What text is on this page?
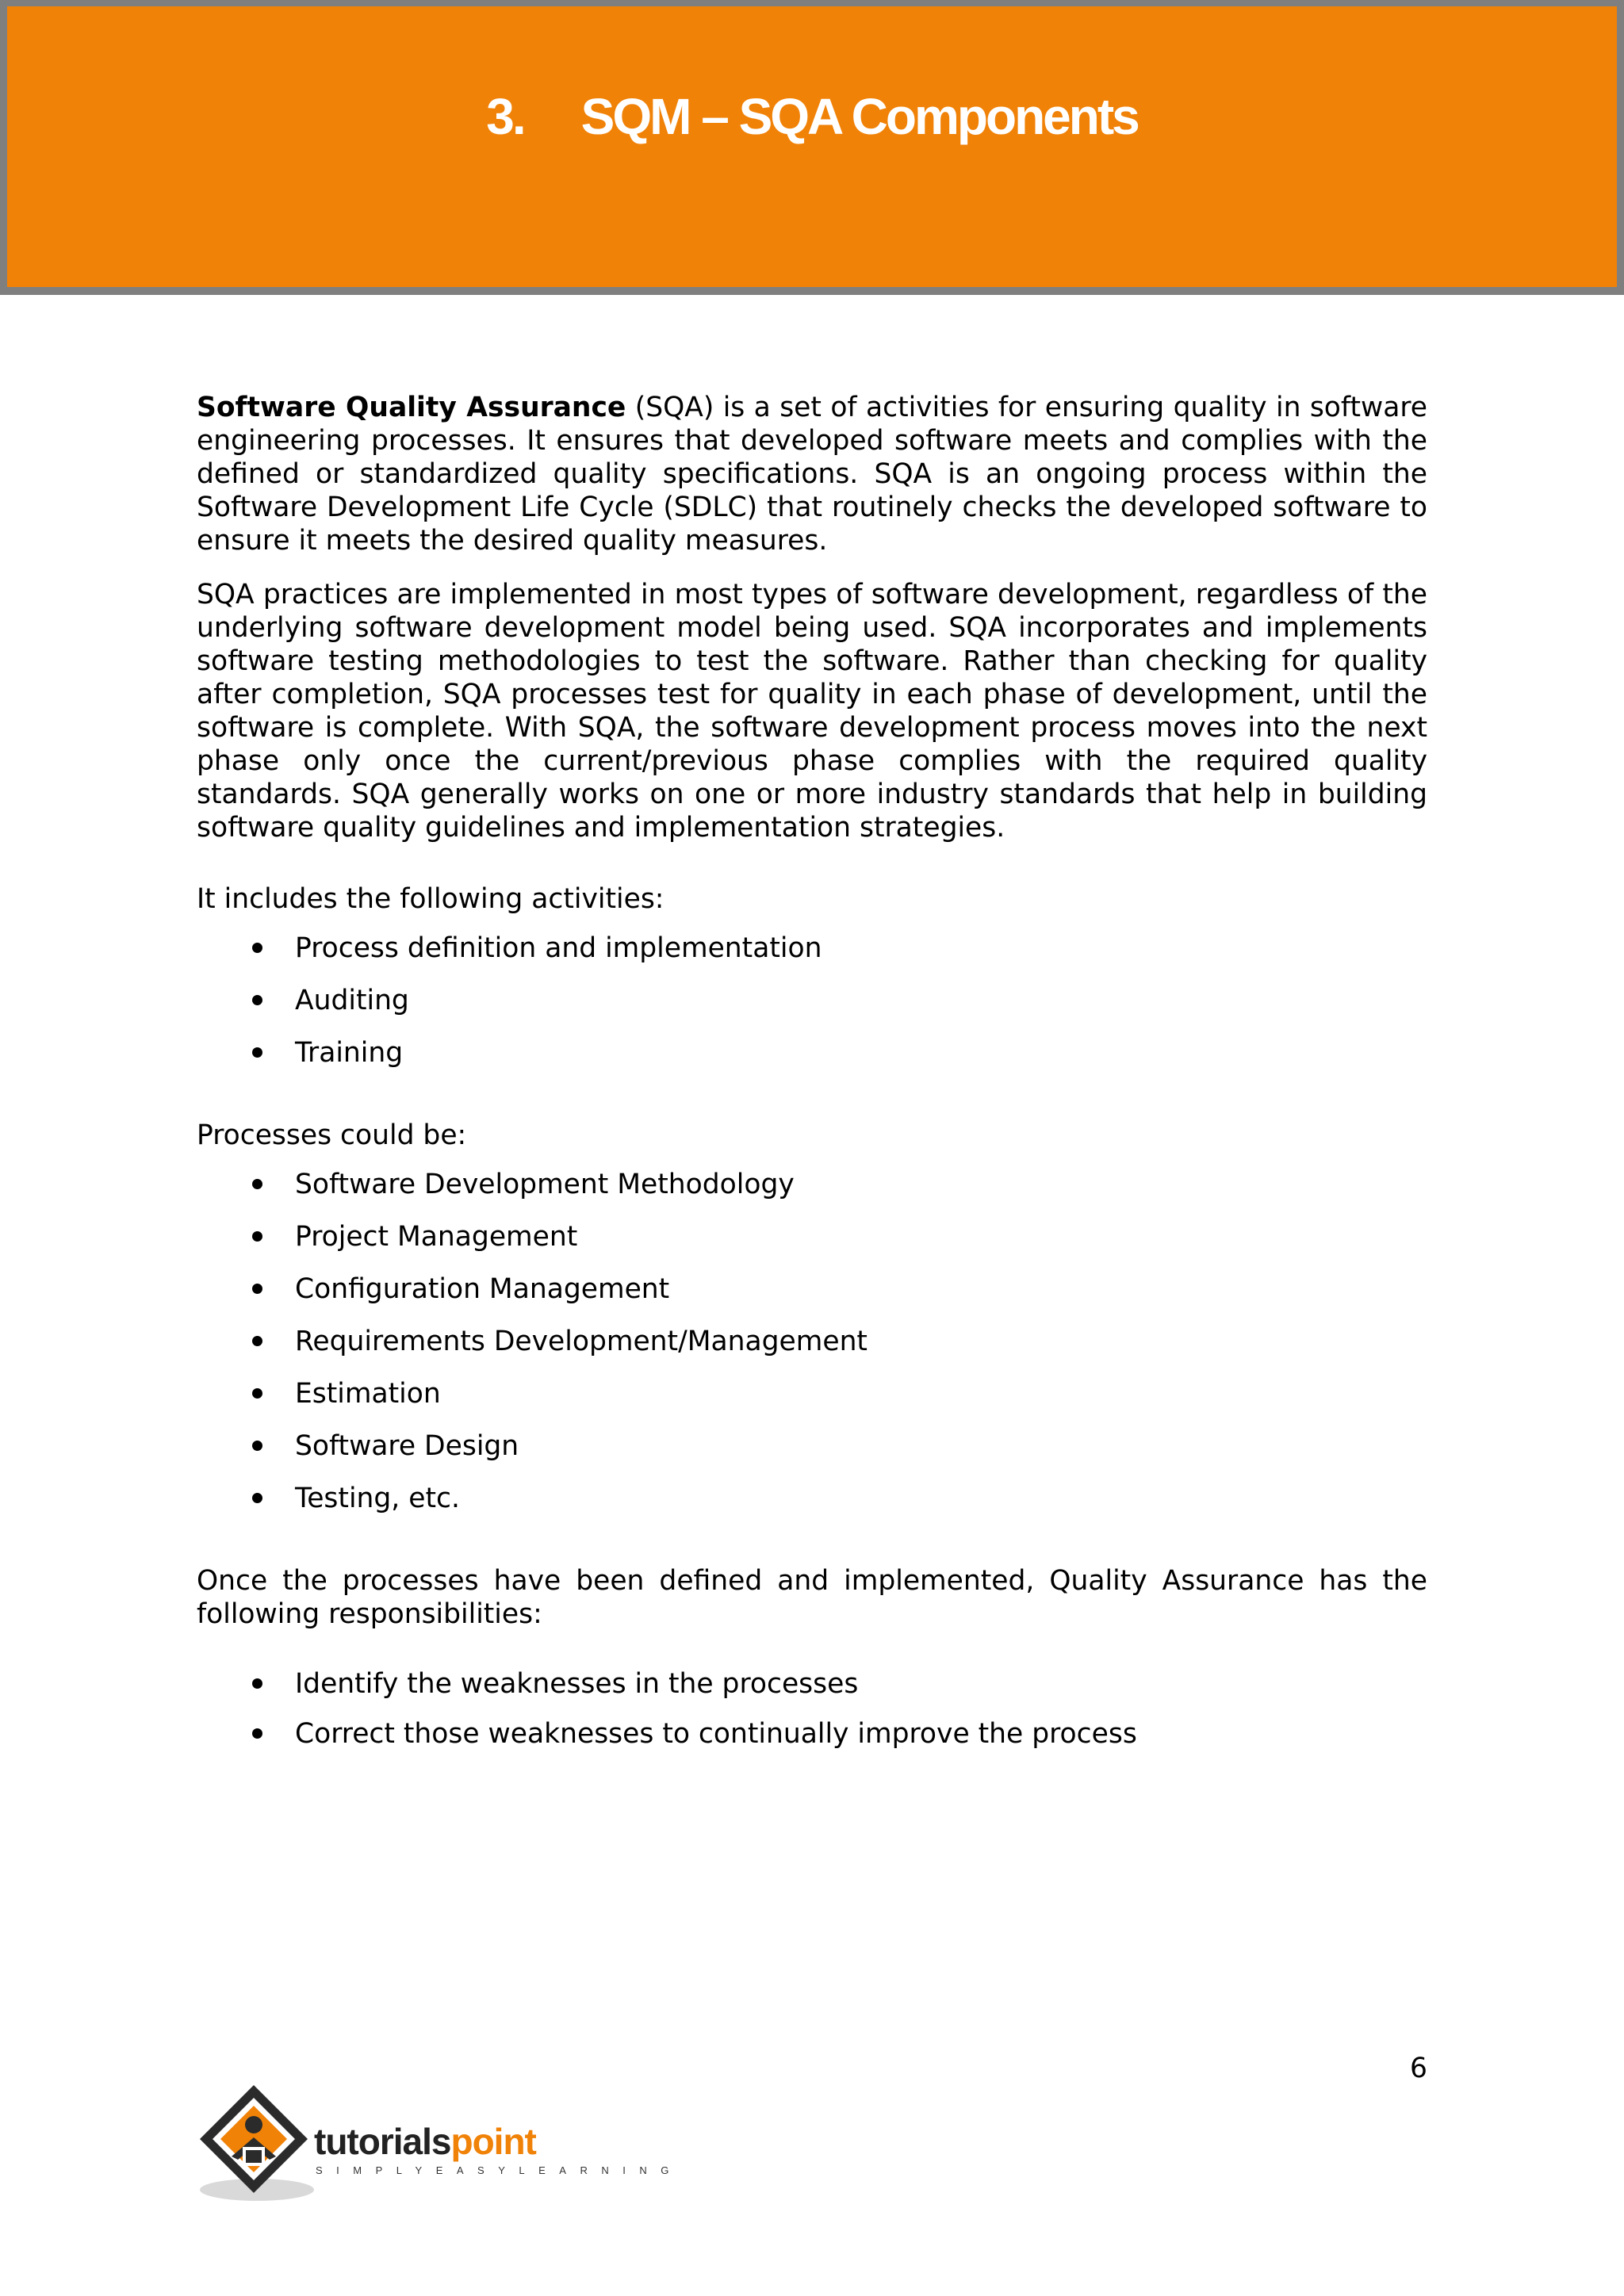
3. SQM – SQA Components

Software Quality Assurance (SQA) is a set of activities for ensuring quality in software engineering processes. It ensures that developed software meets and complies with the defined or standardized quality specifications. SQA is an ongoing process within the Software Development Life Cycle (SDLC) that routinely checks the developed software to ensure it meets the desired quality measures.

SQA practices are implemented in most types of software development, regardless of the underlying software development model being used. SQA incorporates and implements software testing methodologies to test the software. Rather than checking for quality after completion, SQA processes test for quality in each phase of development, until the software is complete. With SQA, the software development process moves into the next phase only once the current/previous phase complies with the required quality standards. SQA generally works on one or more industry standards that help in building software quality guidelines and implementation strategies.

It includes the following activities:

Process definition and implementation
Auditing
Training

Processes could be:

Software Development Methodology
Project Management
Configuration Management
Requirements Development/Management
Estimation
Software Design
Testing, etc.

Once the processes have been defined and implemented, Quality Assurance has the following responsibilities:

Identify the weaknesses in the processes
Correct those weaknesses to continually improve the process
6
tutorialspoint
SIMPLYEASYLEARNING
